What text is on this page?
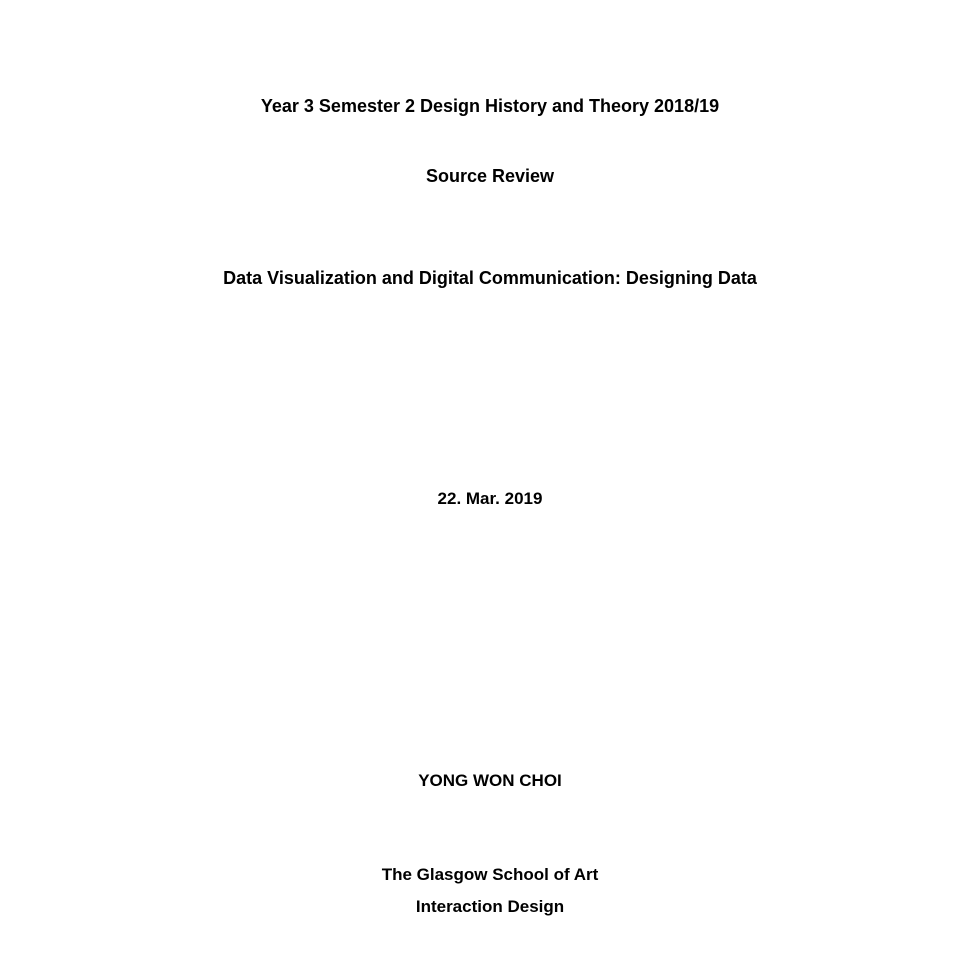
Year 3 Semester 2 Design History and Theory 2018/19
Source Review
Data Visualization and Digital Communication: Designing Data
22. Mar. 2019
YONG WON CHOI
The Glasgow School of Art
Interaction Design
